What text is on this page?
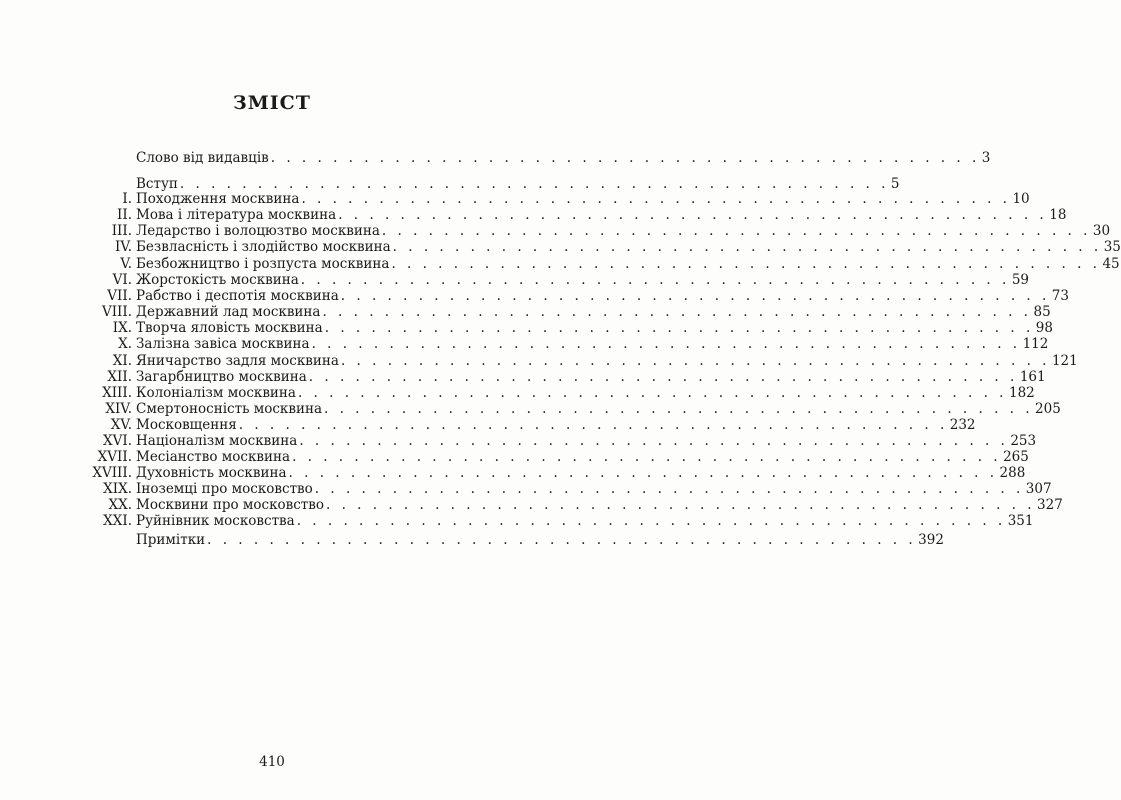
ЗМІСТ
Слово від видавців . . . . . . . . . . . . . . . . . . . . . . . . . . . . . . . . . . . . . . . . . . . . . . 3
Вступ . . . . . . . . . . . . . . . . . . . . . . . . . . . . . . . . . . . . . . . . . . . . . . 5
I. Походження москвина . . . . . . . . . . . . . . . . . . . . . . . . . . . . . . . . . . . . . . . . . . . . . . 10
II. Мова і література москвина . . . . . . . . . . . . . . . . . . . . . . . . . . . . . . . . . . . . . . . . . . . . . . 18
III. Ледарство і волоцюзтво москвина . . . . . . . . . . . . . . . . . . . . . . . . . . . . . . . . . . . . . . . . . . . . . . 30
IV. Безвласність і злодійство москвина . . . . . . . . . . . . . . . . . . . . . . . . . . . . . . . . . . . . . . . . . . . . . . 35
V. Безбожництво і розпуста москвина . . . . . . . . . . . . . . . . . . . . . . . . . . . . . . . . . . . . . . . . . . . . . . 45
VI. Жорстокість москвина . . . . . . . . . . . . . . . . . . . . . . . . . . . . . . . . . . . . . . . . . . . . . . 59
VII. Рабство і деспотія москвина . . . . . . . . . . . . . . . . . . . . . . . . . . . . . . . . . . . . . . . . . . . . . . 73
VIII. Державний лад москвина . . . . . . . . . . . . . . . . . . . . . . . . . . . . . . . . . . . . . . . . . . . . . . 85
IX. Творча яловість москвина . . . . . . . . . . . . . . . . . . . . . . . . . . . . . . . . . . . . . . . . . . . . . . 98
X. Залізна завіса москвина . . . . . . . . . . . . . . . . . . . . . . . . . . . . . . . . . . . . . . . . . . . . . . 112
XI. Яничарство задля москвина . . . . . . . . . . . . . . . . . . . . . . . . . . . . . . . . . . . . . . . . . . . . . . 121
XII. Загарбництво москвина . . . . . . . . . . . . . . . . . . . . . . . . . . . . . . . . . . . . . . . . . . . . . . 161
XIII. Колоніалізм москвина . . . . . . . . . . . . . . . . . . . . . . . . . . . . . . . . . . . . . . . . . . . . . . 182
XIV. Смертоносність москвина . . . . . . . . . . . . . . . . . . . . . . . . . . . . . . . . . . . . . . . . . . . . . . 205
XV. Московщення . . . . . . . . . . . . . . . . . . . . . . . . . . . . . . . . . . . . . . . . . . . . . . 232
XVI. Націоналізм москвина . . . . . . . . . . . . . . . . . . . . . . . . . . . . . . . . . . . . . . . . . . . . . . 253
XVII. Месіанство москвина . . . . . . . . . . . . . . . . . . . . . . . . . . . . . . . . . . . . . . . . . . . . . . 265
XVIII. Духовність москвина . . . . . . . . . . . . . . . . . . . . . . . . . . . . . . . . . . . . . . . . . . . . . . 288
XIX. Іноземці про московство . . . . . . . . . . . . . . . . . . . . . . . . . . . . . . . . . . . . . . . . . . . . . . 307
XX. Москвини про московство . . . . . . . . . . . . . . . . . . . . . . . . . . . . . . . . . . . . . . . . . . . . . . 327
XXI. Руйнівник московства . . . . . . . . . . . . . . . . . . . . . . . . . . . . . . . . . . . . . . . . . . . . . . 351
Примітки . . . . . . . . . . . . . . . . . . . . . . . . . . . . . . . . . . . . . . . . . . . . . . 392
410
